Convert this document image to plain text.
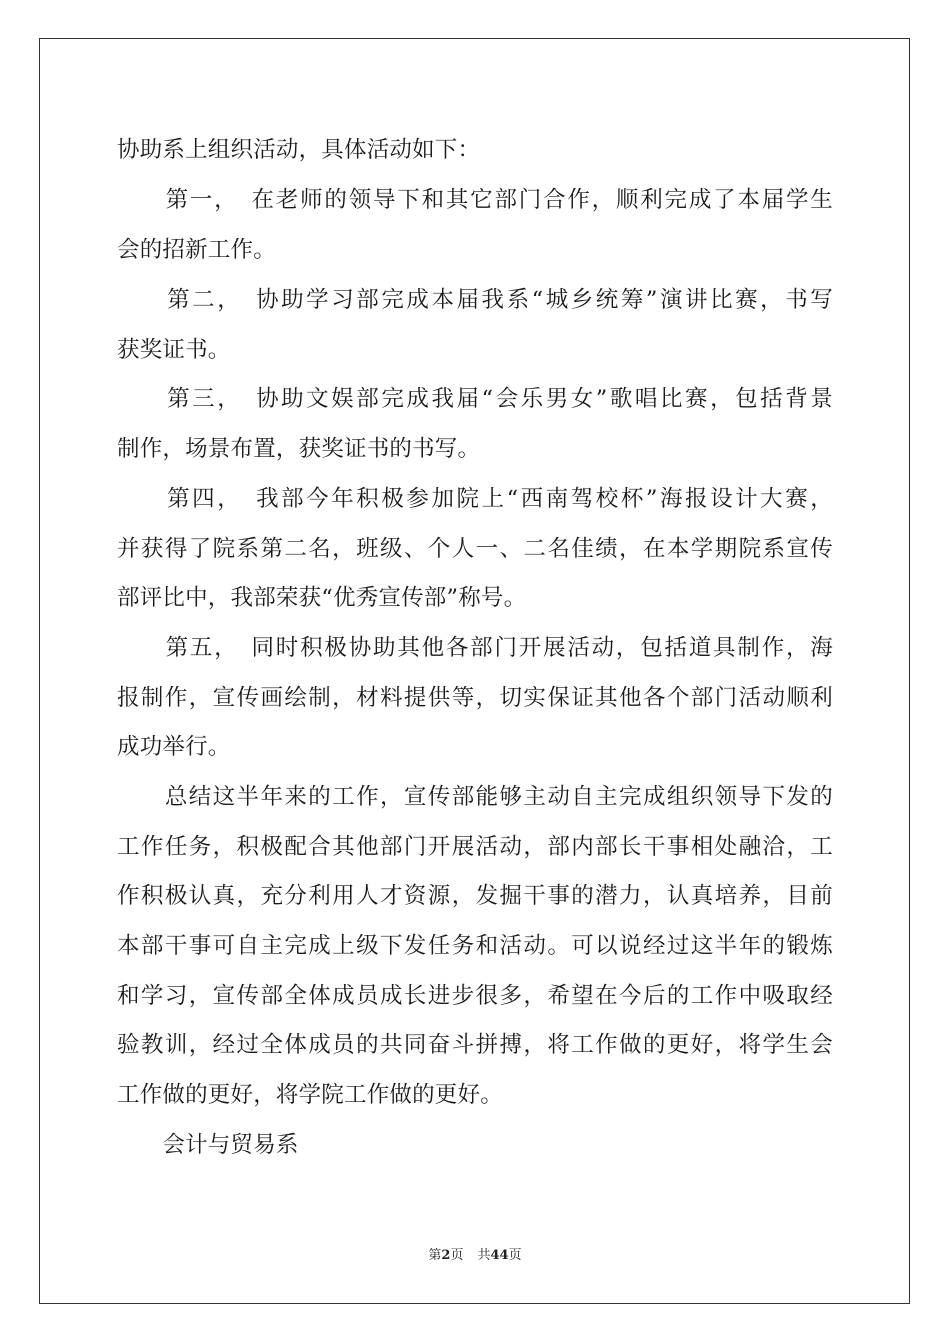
协助系上组织活动，具体活动如下：
　　第一，　在老师的领导下和其它部门合作，顺利完成了本届学生
会的招新工作。
　　第二，　协助学习部完成本届我系“城乡统筹”演讲比赛，书写
获奖证书。
　　第三，　协助文娱部完成我届“会乐男女”歌唱比赛，包括背景
制作，场景布置，获奖证书的书写。
　　第四，　我部今年积极参加院上“西南驾校杯”海报设计大赛，
并获得了院系第二名，班级、个人一、二名佳绩，在本学期院系宣传
部评比中，我部荣获“优秀宣传部”称号。
　　第五，　同时积极协助其他各部门开展活动，包括道具制作，海
报制作，宣传画绘制，材料提供等，切实保证其他各个部门活动顺利
成功举行。
　　总结这半年来的工作，宣传部能够主动自主完成组织领导下发的
工作任务，积极配合其他部门开展活动，部内部长干事相处融洽，工
作积极认真，充分利用人才资源，发掘干事的潜力，认真培养，目前
本部干事可自主完成上级下发任务和活动。可以说经过这半年的锻炼
和学习，宣传部全体成员成长进步很多，希望在今后的工作中吸取经
验教训，经过全体成员的共同奋斗拼搏，将工作做的更好，将学生会
工作做的更好，将学院工作做的更好。
　　会计与贸易系
第2页 共44页
